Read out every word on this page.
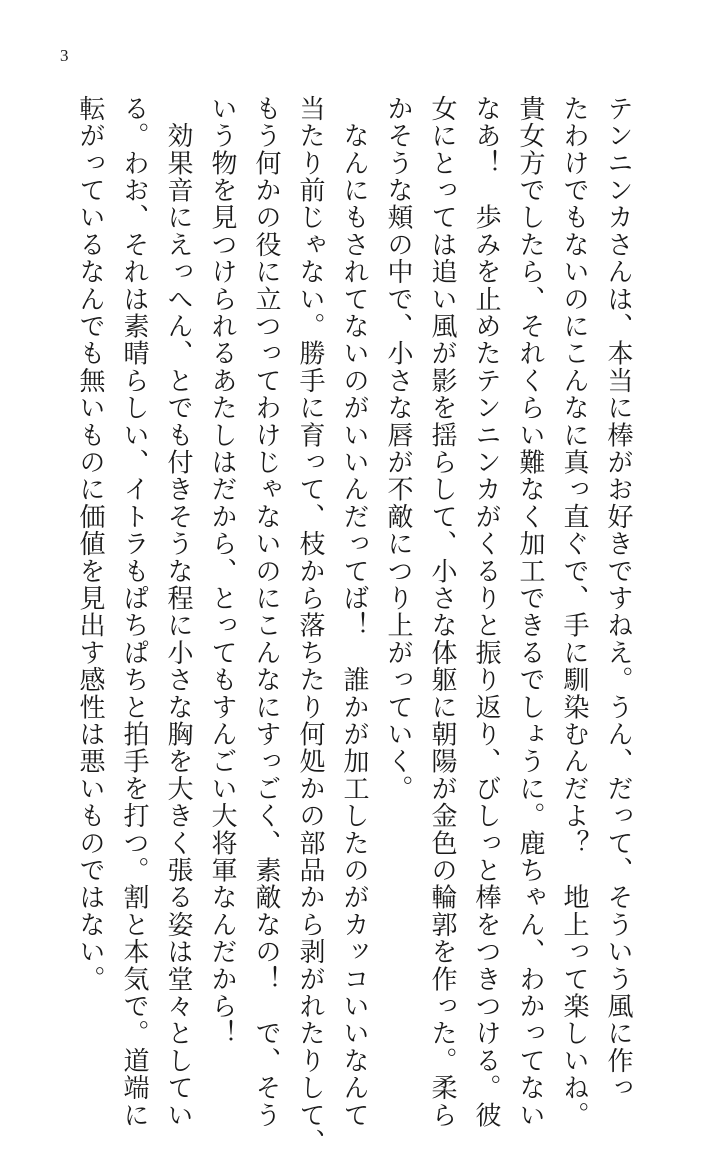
3
テンニンカさんは、本当に棒がお好きですねえ。うん、だって、そういう風に作っ
たわけでもないのにこんなに真っ直ぐで、手に馴染むんだよ？　地上って楽しいね。
貴女方でしたら、それくらい難なく加工できるでしょうに。鹿ちゃん、わかってない
なあ！　歩みを止めたテンニンカがくるりと振り返り、びしっと棒をつきつける。彼
女にとっては追い風が影を揺らして、小さな体躯に朝陽が金色の輪郭を作った。柔ら
かそうな頬の中で、小さな唇が不敵につり上がっていく。
　なんにもされてないのがいいんだってば！　誰かが加工したのがカッコいいなんて
当たり前じゃない。勝手に育って、枝から落ちたり何処かの部品から剥がれたりして、
もう何かの役に立つってわけじゃないのにこんなにすっごく、素敵なの！　で、そう
いう物を見つけられるあたしはだから、とってもすんごい大将軍なんだから！
　効果音にえっへん、とでも付きそうな程に小さな胸を大きく張る姿は堂々としてい
る。わお、それは素晴らしい、イトラもぱちぱちと拍手を打つ。割と本気で。道端に
転がっているなんでも無いものに価値を見出す感性は悪いものではない。
